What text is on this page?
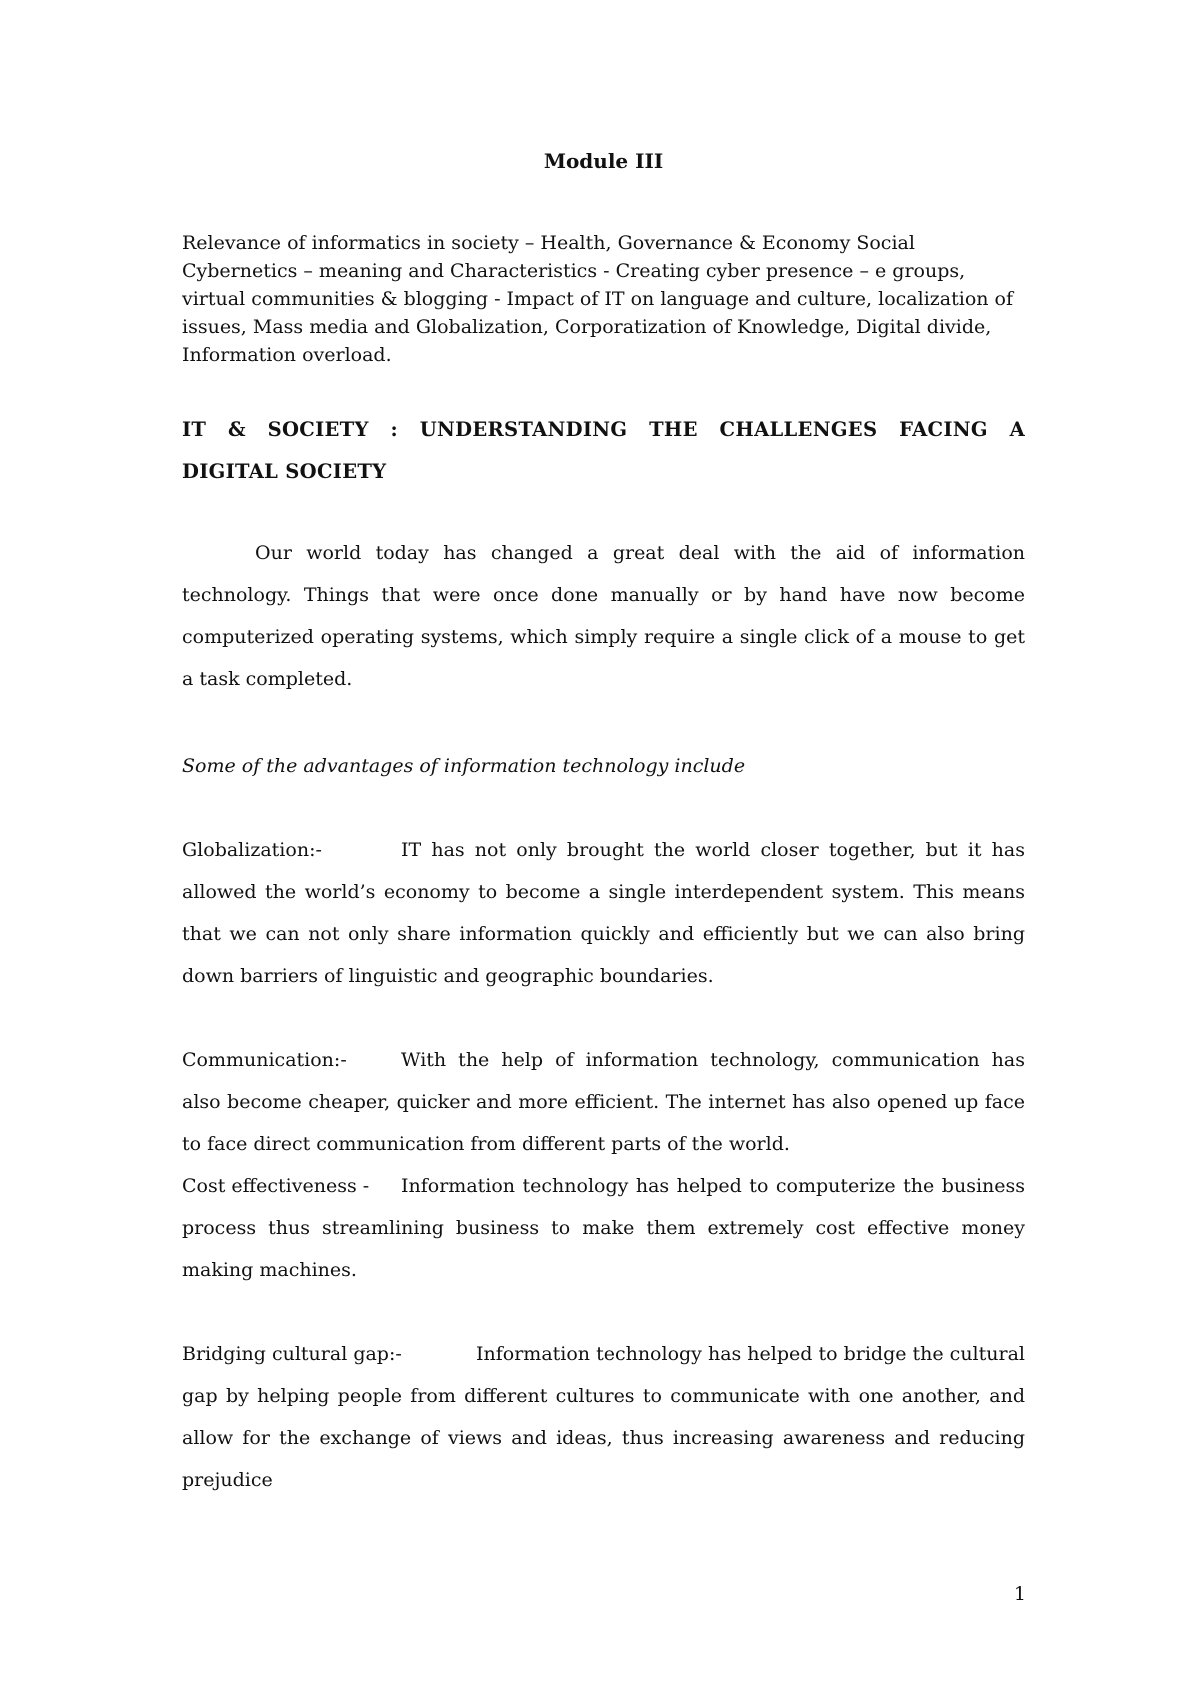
Module III

Relevance of informatics in society – Health, Governance & Economy Social Cybernetics – meaning and Characteristics - Creating cyber presence – e groups, virtual communities & blogging - Impact of IT on language and culture, localization of issues, Mass media and Globalization, Corporatization of Knowledge, Digital divide, Information overload.

IT & SOCIETY : UNDERSTANDING THE CHALLENGES FACING A
DIGITAL SOCIETY

Our world today has changed a great deal with the aid of information technology. Things that were once done manually or by hand have now become computerized operating systems, which simply require a single click of a mouse to get a task completed.

Some of the advantages of information technology include

Globalization:-	IT has not only brought the world closer together, but it has allowed the world’s economy to become a single interdependent system. This means that we can not only share information quickly and efficiently but we can also bring down barriers of linguistic and geographic boundaries.

Communication:-	With the help of information technology, communication has also become cheaper, quicker and more efficient. The internet has also opened up face to face direct communication from different parts of the world.

Cost effectiveness - Information technology has helped to computerize the business process thus streamlining business to make them extremely cost effective money making machines.

Bridging cultural gap:-	Information technology has helped to bridge the cultural gap by helping people from different cultures to communicate with one another, and allow for the exchange of views and ideas, thus increasing awareness and reducing prejudice

1
